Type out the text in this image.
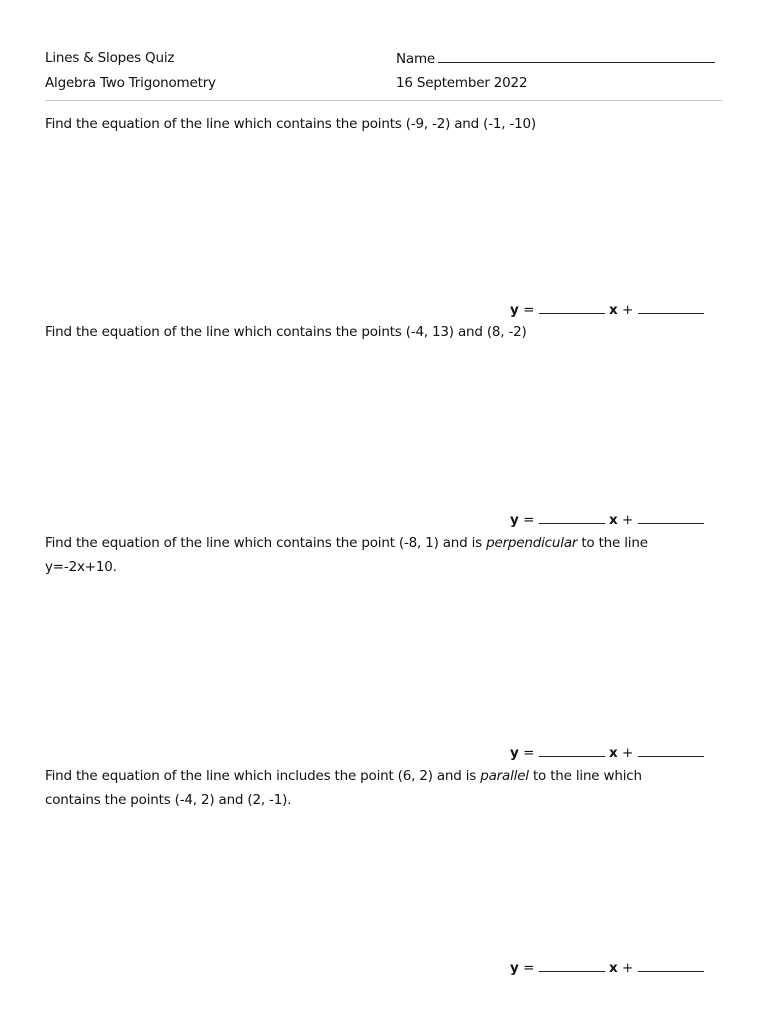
Lines & Slopes Quiz
Algebra Two Trigonometry
Name
16 September 2022
Find the equation of the line which contains the points (-9, -2) and (-1, -10)
y =	x +
Find the equation of the line which contains the points (-4, 13) and (8, -2)
y =	x +
Find the equation of the line which contains the point (-8, 1) and is perpendicular to the line y=-2x+10.
y =	x +
Find the equation of the line which includes the point (6, 2) and is parallel to the line which contains the points (-4, 2) and (2, -1).
y =	x +
